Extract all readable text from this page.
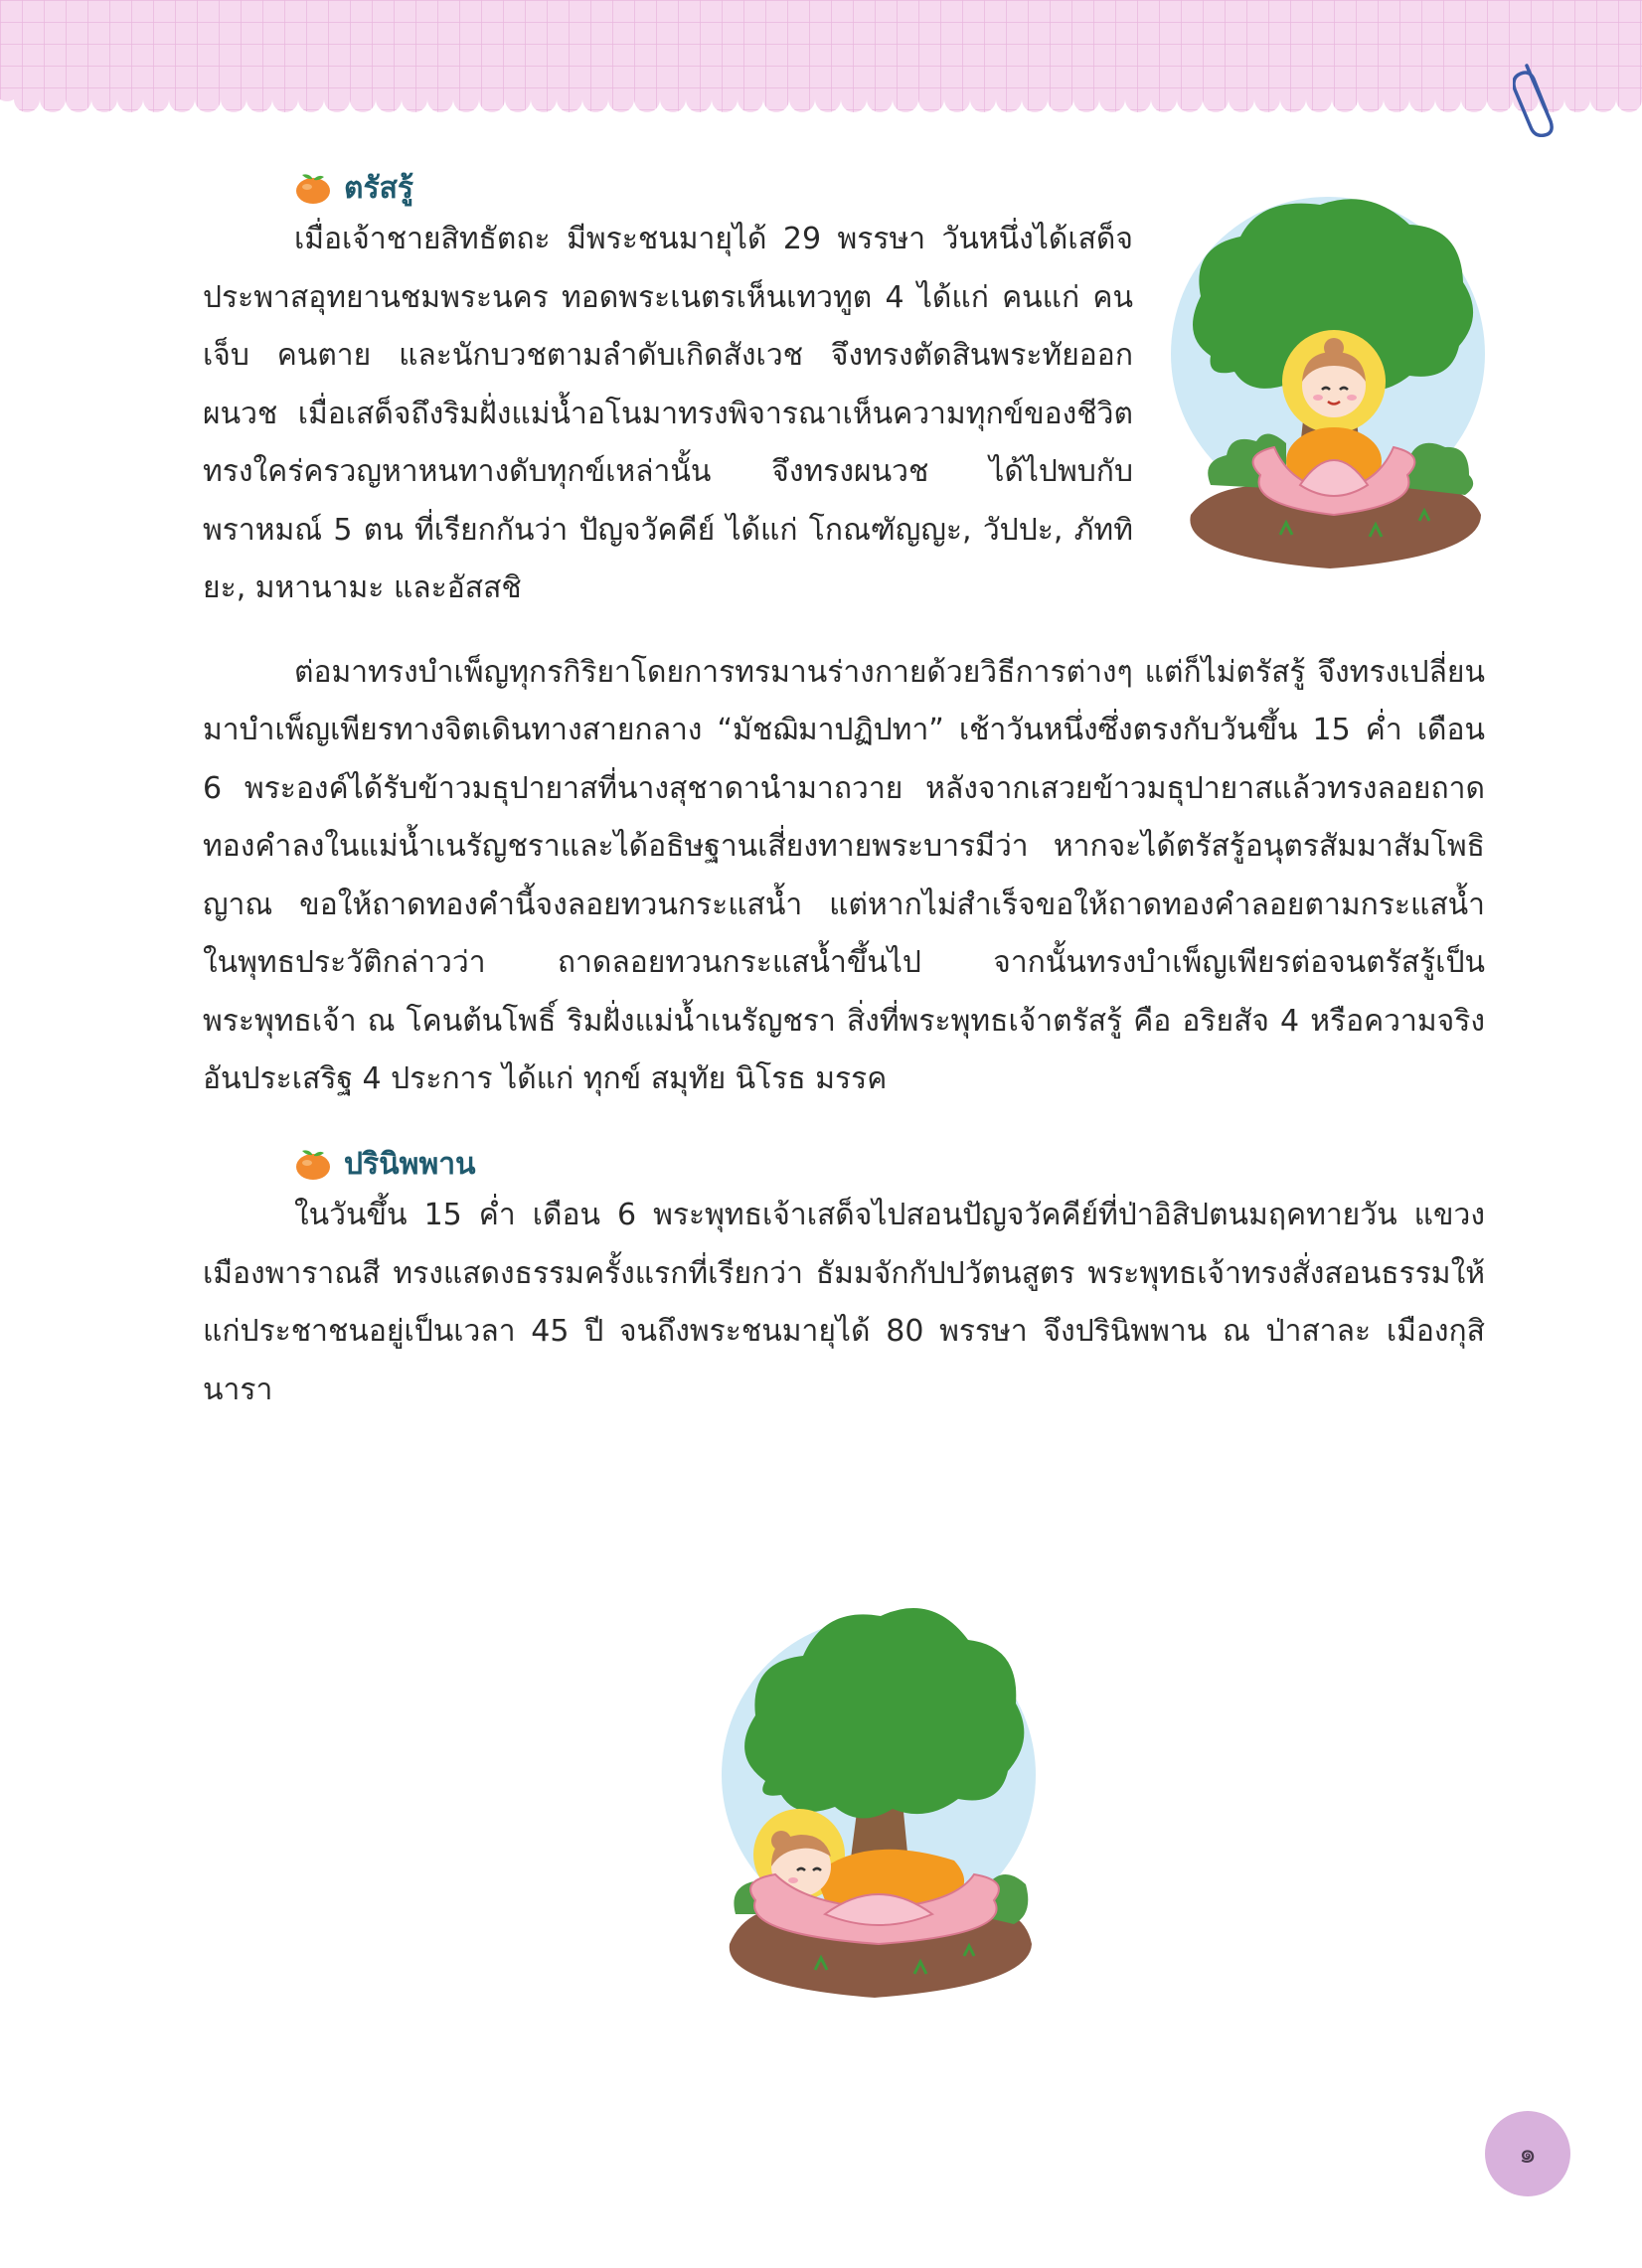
ตรัสรู้

เมื่อเจ้าชายสิทธัตถะ มีพระชนมายุได้ 29 พรรษา วันหนึ่งได้เสด็จประพาสอุทยานชมพระนคร ทอดพระเนตรเห็นเทวทูต 4 ได้แก่ คนแก่ คนเจ็บ คนตาย และนักบวชตามลำดับเกิดสังเวช จึงทรงตัดสินพระทัยออกผนวช เมื่อเสด็จถึงริมฝั่งแม่น้ำอโนมาทรงพิจารณาเห็นความทุกข์ของชีวิต ทรงใคร่ครวญหาหนทางดับทุกข์เหล่านั้น จึงทรงผนวช ได้ไปพบกับพราหมณ์ 5 ตน ที่เรียกกันว่า ปัญจวัคคีย์ ได้แก่ โกณฑัญญะ, วัปปะ, ภัททิยะ, มหานามะ และอัสสชิ

ต่อมาทรงบำเพ็ญทุกรกิริยาโดยการทรมานร่างกายด้วยวิธีการต่างๆ แต่ก็ไม่ตรัสรู้ จึงทรงเปลี่ยนมาบำเพ็ญเพียรทางจิตเดินทางสายกลาง “มัชฌิมาปฏิปทา” เช้าวันหนึ่งซึ่งตรงกับวันขึ้น 15 ค่ำ เดือน 6 พระองค์ได้รับข้าวมธุปายาสที่นางสุชาดานำมาถวาย หลังจากเสวยข้าวมธุปายาสแล้วทรงลอยถาดทองคำลงในแม่น้ำเนรัญชราและได้อธิษฐานเสี่ยงทายพระบารมีว่า หากจะได้ตรัสรู้อนุตรสัมมาสัมโพธิญาณ ขอให้ถาดทองคำนี้จงลอยทวนกระแสน้ำ แต่หากไม่สำเร็จขอให้ถาดทองคำลอยตามกระแสน้ำ ในพุทธประวัติกล่าวว่า ถาดลอยทวนกระแสน้ำขึ้นไป จากนั้นทรงบำเพ็ญเพียรต่อจนตรัสรู้เป็นพระพุทธเจ้า ณ โคนต้นโพธิ์ ริมฝั่งแม่น้ำเนรัญชรา สิ่งที่พระพุทธเจ้าตรัสรู้ คือ อริยสัจ 4 หรือความจริงอันประเสริฐ 4 ประการ ได้แก่ ทุกข์ สมุทัย นิโรธ มรรค

ปรินิพพาน

ในวันขึ้น 15 ค่ำ เดือน 6 พระพุทธเจ้าเสด็จไปสอนปัญจวัคคีย์ที่ป่าอิสิปตนมฤคทายวัน แขวงเมืองพาราณสี ทรงแสดงธรรมครั้งแรกที่เรียกว่า ธัมมจักกัปปวัตนสูตร พระพุทธเจ้าทรงสั่งสอนธรรมให้แก่ประชาชนอยู่เป็นเวลา 45 ปี จนถึงพระชนมายุได้ 80 พรรษา จึงปรินิพพาน ณ ป่าสาละ เมืองกุสินารา

๑
